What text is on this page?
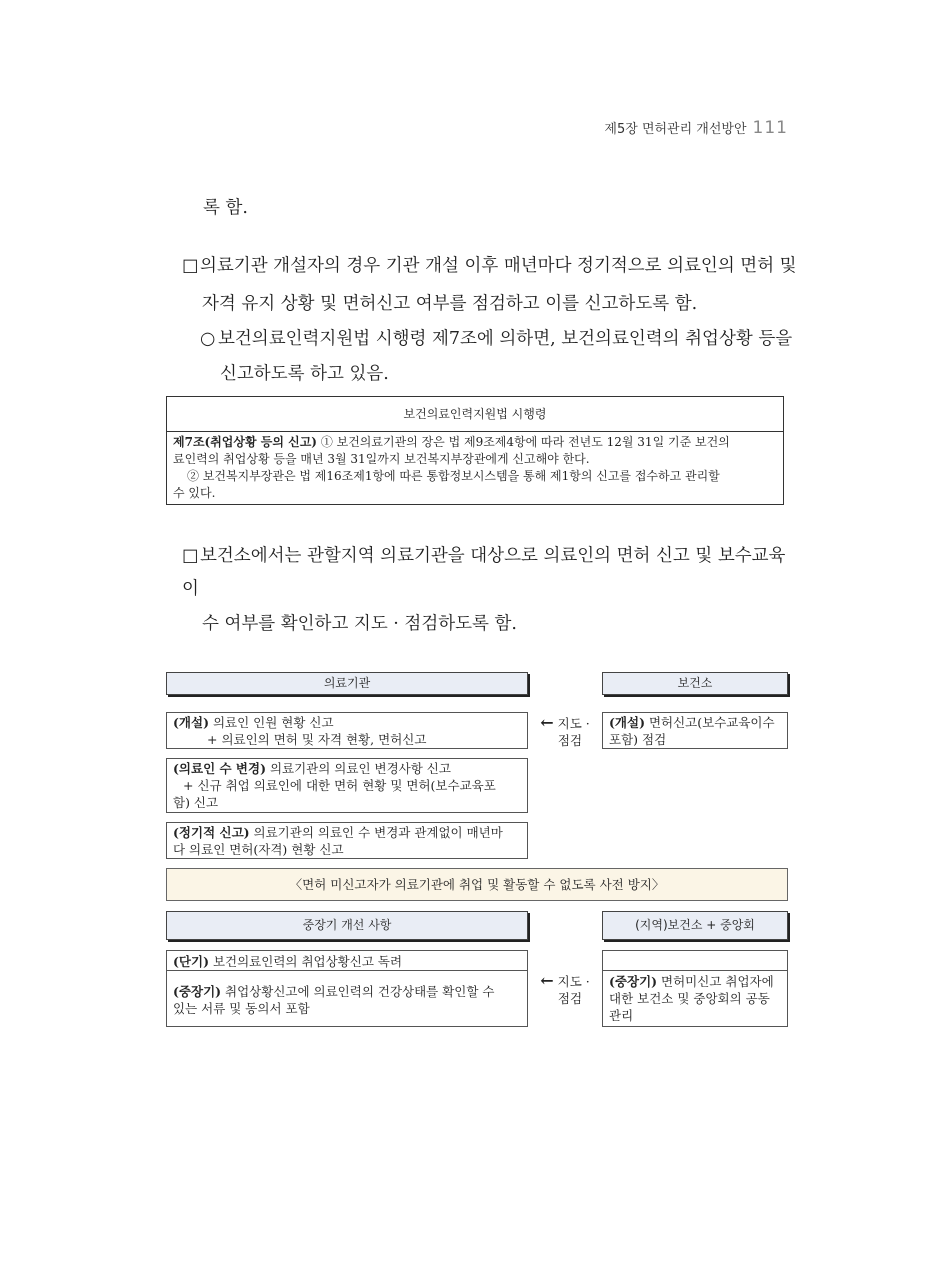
제5장 면허관리 개선방안 111
록 함.
□의료기관 개설자의 경우 기관 개설 이후 매년마다 정기적으로 의료인의 면허 및
자격 유지 상황 및 면허신고 여부를 점검하고 이를 신고하도록 함.
○ 보건의료인력지원법 시행령 제7조에 의하면, 보건의료인력의 취업상황 등을
신고하도록 하고 있음.
보건의료인력지원법 시행령
제7조(취업상황 등의 신고) ① 보건의료기관의 장은 법 제9조제4항에 따라 전년도 12월 31일 기준 보건의
료인력의 취업상황 등을 매년 3월 31일까지 보건복지부장관에게 신고해야 한다.
② 보건복지부장관은 법 제16조제1항에 따른 통합정보시스템을 통해 제1항의 신고를 접수하고 관리할
수 있다.
□보건소에서는 관할지역 의료기관을 대상으로 의료인의 면허 신고 및 보수교육 이
수 여부를 확인하고 지도 · 점검하도록 함.
의료기관	보건소
(개설) 의료인 인원 현황 신고
+ 의료인의 면허 및 자격 현황, 면허신고
← 지도 ·
점검
(개설) 면허신고(보수교육이수
포함) 점검
(의료인 수 변경) 의료기관의 의료인 변경사항 신고
+ 신규 취업 의료인에 대한 면허 현황 및 면허(보수교육포
함) 신고
(정기적 신고) 의료기관의 의료인 수 변경과 관계없이 매년마
다 의료인 면허(자격) 현황 신고
〈면허 미신고자가 의료기관에 취업 및 활동할 수 없도록 사전 방지〉
중장기 개선 사항	(지역)보건소 + 중앙회
(단기) 보건의료인력의 취업상황신고 독려
(중장기) 취업상황신고에 의료인력의 건강상태를 확인할 수
있는 서류 및 동의서 포함
← 지도 ·
점검
(중장기) 면허미신고 취업자에
대한 보건소 및 중앙회의 공동
관리
